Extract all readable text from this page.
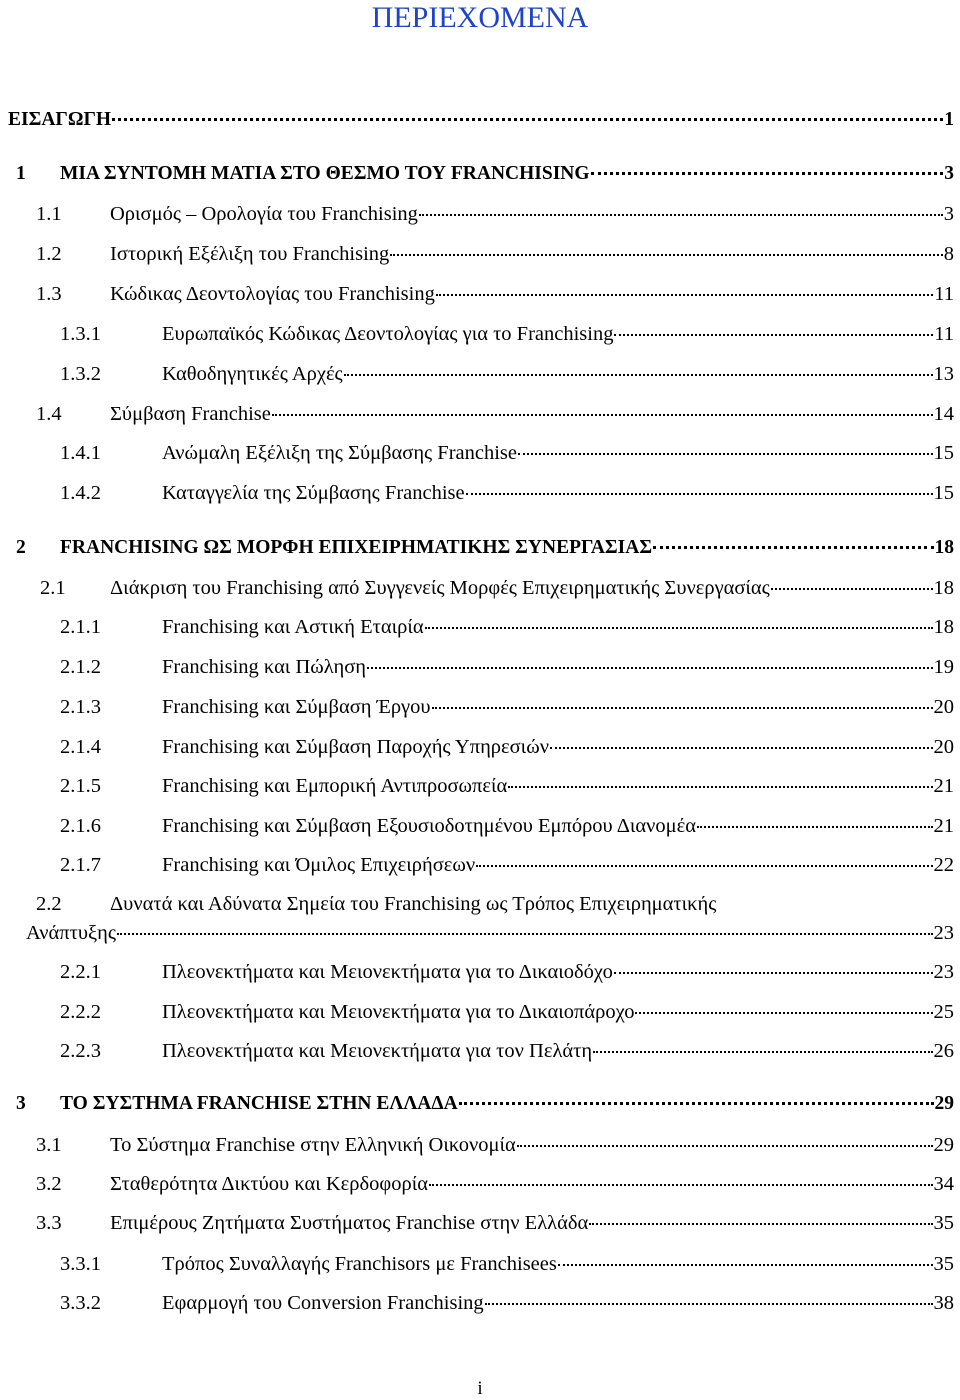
ΠΕΡΙΕΧΟΜΕΝΑ
ΕΙΣΑΓΩΓΗ	1
1	ΜΙΑ ΣΥΝΤΟΜΗ ΜΑΤΙΑ ΣΤΟ ΘΕΣΜΟ ΤΟΥ FRANCHISING	3
1.1	Ορισμός – Ορολογία του Franchising	3
1.2	Ιστορική Εξέλιξη του Franchising	8
1.3	Κώδικας Δεοντολογίας του Franchising	11
1.3.1	Ευρωπαϊκός Κώδικας Δεοντολογίας για το Franchising	11
1.3.2	Καθοδηγητικές Αρχές	13
1.4	Σύμβαση Franchise	14
1.4.1	Ανώμαλη Εξέλιξη της Σύμβασης Franchise	15
1.4.2	Καταγγελία της Σύμβασης Franchise	15
2	FRANCHISING ΩΣ ΜΟΡΦΗ ΕΠΙΧΕΙΡΗΜΑΤΙΚΗΣ ΣΥΝΕΡΓΑΣΙΑΣ	18
2.1	Διάκριση του Franchising από Συγγενείς Μορφές Επιχειρηματικής Συνεργασίας	18
2.1.1	Franchising και Αστική Εταιρία	18
2.1.2	Franchising και Πώληση	19
2.1.3	Franchising και Σύμβαση Έργου	20
2.1.4	Franchising και Σύμβαση Παροχής Υπηρεσιών	20
2.1.5	Franchising και Εμπορική Αντιπροσωπεία	21
2.1.6	Franchising και Σύμβαση Εξουσιοδοτημένου Εμπόρου Διανομέα	21
2.1.7	Franchising και Όμιλος Επιχειρήσεων	22
2.2	Δυνατά και Αδύνατα Σημεία του Franchising ως Τρόπος Επιχειρηματικής
Ανάπτυξης	23
2.2.1	Πλεονεκτήματα και Μειονεκτήματα για το Δικαιοδόχο	23
2.2.2	Πλεονεκτήματα και Μειονεκτήματα για το Δικαιοπάροχο	25
2.2.3	Πλεονεκτήματα και Μειονεκτήματα για τον Πελάτη	26
3	ΤΟ ΣΥΣΤΗΜΑ FRANCHISE ΣΤΗΝ ΕΛΛΑΔΑ	29
3.1	Το Σύστημα Franchise στην Ελληνική Οικονομία	29
3.2	Σταθερότητα Δικτύου και Κερδοφορία	34
3.3	Επιμέρους Ζητήματα Συστήματος Franchise στην Ελλάδα	35
3.3.1	Τρόπος Συναλλαγής Franchisors με Franchisees	35
3.3.2	Εφαρμογή του Conversion Franchising	38
i
